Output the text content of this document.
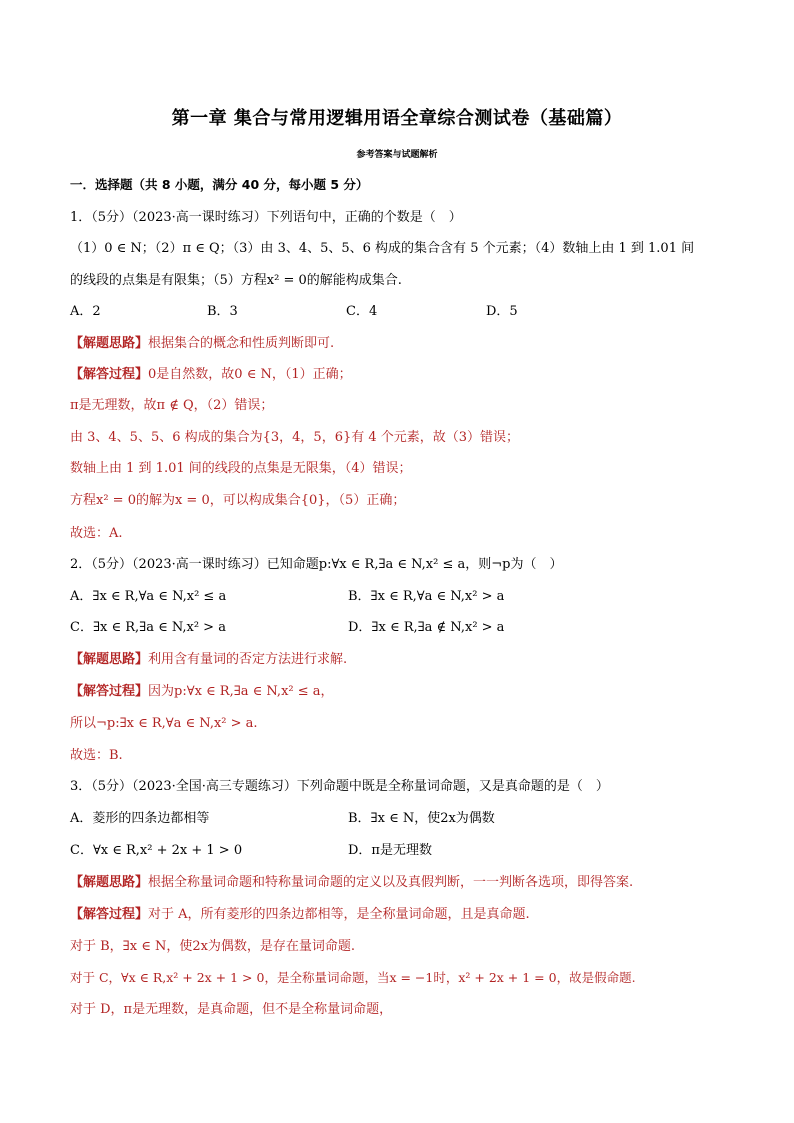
第一章 集合与常用逻辑用语全章综合测试卷（基础篇）
参考答案与试题解析
一．选择题（共 8 小题，满分 40 分，每小题 5 分）
1．（5分）（2023·高一课时练习）下列语句中，正确的个数是（　）
（1）0 ∈ N；（2）π ∈ Q；（3）由 3、4、5、5、6 构成的集合含有 5 个元素；（4）数轴上由 1 到 1.01 间
的线段的点集是有限集；（5）方程x² = 0的解能构成集合.
A．2	B．3	C．4	D．5
【解题思路】根据集合的概念和性质判断即可.
【解答过程】0是自然数，故0 ∈ N，（1）正确；
π是无理数，故π ∉ Q，（2）错误；
由 3、4、5、5、6 构成的集合为{3，4，5，6}有 4 个元素，故（3）错误；
数轴上由 1 到 1.01 间的线段的点集是无限集，（4）错误；
方程x² = 0的解为x = 0，可以构成集合{0}，（5）正确；
故选：A.
2．（5分）（2023·高一课时练习）已知命题p:∀x ∈ R,∃a ∈ N,x² ≤ a，则¬p为（　）
A．∃x ∈ R,∀a ∈ N,x² ≤ a	B．∃x ∈ R,∀a ∈ N,x² > a
C．∃x ∈ R,∃a ∈ N,x² > a	D．∃x ∈ R,∃a ∉ N,x² > a
【解题思路】利用含有量词的否定方法进行求解.
【解答过程】因为p:∀x ∈ R,∃a ∈ N,x² ≤ a，
所以¬p:∃x ∈ R,∀a ∈ N,x² > a.
故选：B.
3．（5分）（2023·全国·高三专题练习）下列命题中既是全称量词命题，又是真命题的是（　）
A．菱形的四条边都相等	B．∃x ∈ N，使2x为偶数
C．∀x ∈ R,x² + 2x + 1 > 0	D．π是无理数
【解题思路】根据全称量词命题和特称量词命题的定义以及真假判断，一一判断各选项，即得答案.
【解答过程】对于 A，所有菱形的四条边都相等，是全称量词命题，且是真命题.
对于 B，∃x ∈ N，使2x为偶数，是存在量词命题.
对于 C，∀x ∈ R,x² + 2x + 1 > 0，是全称量词命题，当x = −1时，x² + 2x + 1 = 0，故是假命题.
对于 D，π是无理数，是真命题，但不是全称量词命题，
